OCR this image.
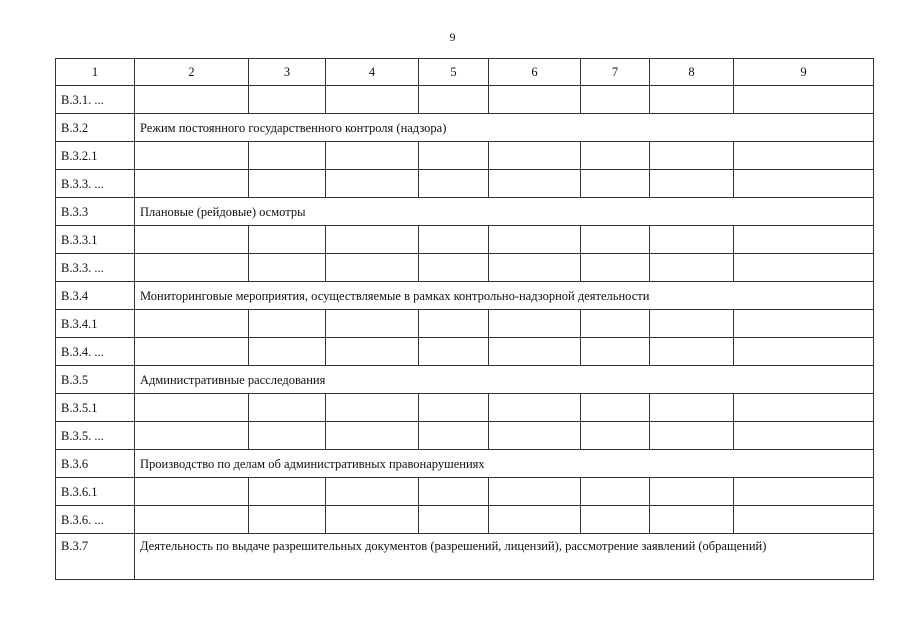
9
1	2	3	4	5	6	7	8	9
В.3.1. ...								
В.3.2	Режим постоянного государственного контроля (надзора)							
В.3.2.1								
В.3.3. ...								
В.3.3	Плановые (рейдовые) осмотры							
В.3.3.1								
В.3.3. ...								
В.3.4	Мониторинговые мероприятия, осуществляемые в рамках контрольно-надзорной деятельности							
В.3.4.1								
В.3.4. ...								
В.3.5	Административные расследования							
В.3.5.1								
В.3.5. ...								
В.3.6	Производство по делам об административных правонарушениях							
В.3.6.1								
В.3.6. ...								
В.3.7	Деятельность по выдаче разрешительных документов (разрешений, лицензий), рассмотрение заявлений (обращений)							
